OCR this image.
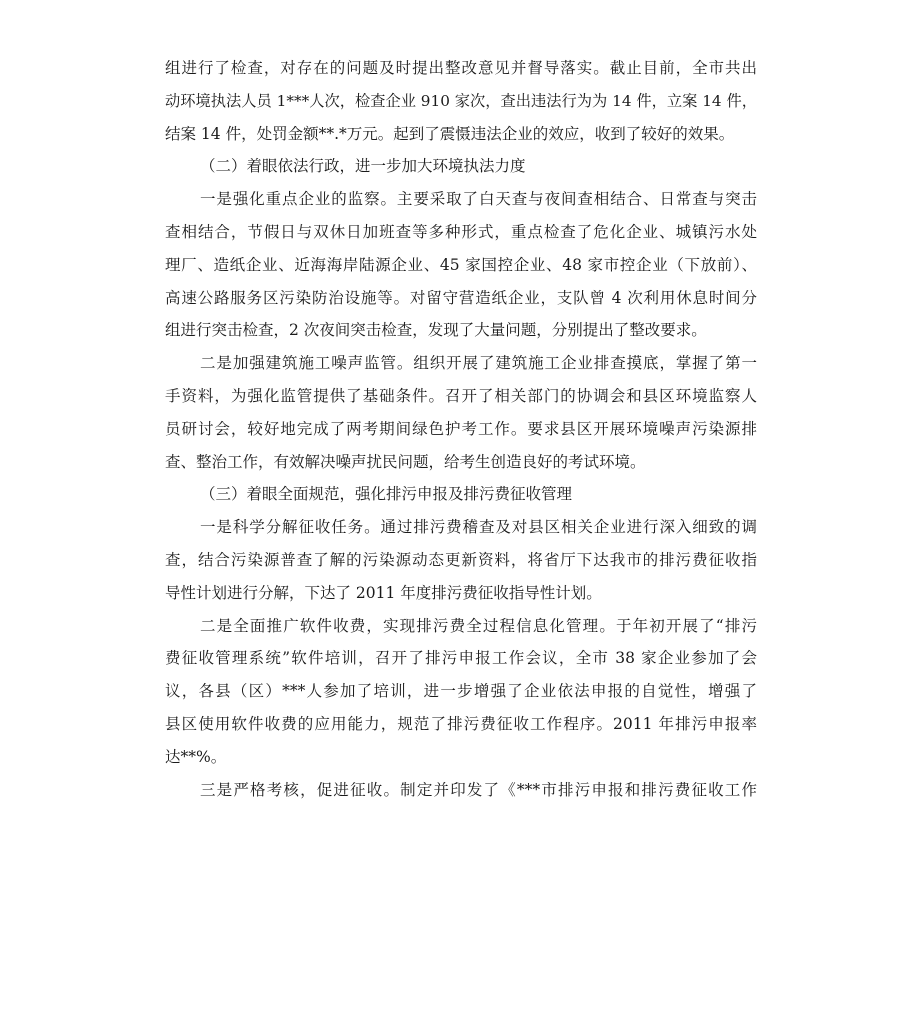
组进行了检查，对存在的问题及时提出整改意见并督导落实。截止目前，全市共出
动环境执法人员 1***人次，检查企业 910 家次，查出违法行为为 14 件，立案 14 件，
结案 14 件，处罚金额**.*万元。起到了震慑违法企业的效应，收到了较好的效果。
（二）着眼依法行政，进一步加大环境执法力度
一是强化重点企业的监察。主要采取了白天查与夜间查相结合、日常查与突击
查相结合，节假日与双休日加班查等多种形式，重点检查了危化企业、城镇污水处
理厂、造纸企业、近海海岸陆源企业、45 家国控企业、48 家市控企业（下放前）、
高速公路服务区污染防治设施等。对留守营造纸企业，支队曾 4 次利用休息时间分
组进行突击检查，2 次夜间突击检查，发现了大量问题，分别提出了整改要求。
二是加强建筑施工噪声监管。组织开展了建筑施工企业排查摸底，掌握了第一
手资料，为强化监管提供了基础条件。召开了相关部门的协调会和县区环境监察人
员研讨会，较好地完成了两考期间绿色护考工作。要求县区开展环境噪声污染源排
查、整治工作，有效解决噪声扰民问题，给考生创造良好的考试环境。
（三）着眼全面规范，强化排污申报及排污费征收管理
一是科学分解征收任务。通过排污费稽查及对县区相关企业进行深入细致的调
查，结合污染源普查了解的污染源动态更新资料，将省厅下达我市的排污费征收指
导性计划进行分解，下达了 2011 年度排污费征收指导性计划。
二是全面推广软件收费，实现排污费全过程信息化管理。于年初开展了“排污
费征收管理系统”软件培训，召开了排污申报工作会议，全市 38 家企业参加了会
议，各县（区）***人参加了培训，进一步增强了企业依法申报的自觉性，增强了
县区使用软件收费的应用能力，规范了排污费征收工作程序。2011 年排污申报率
达**%。
三是严格考核，促进征收。制定并印发了《***市排污申报和排污费征收工作
